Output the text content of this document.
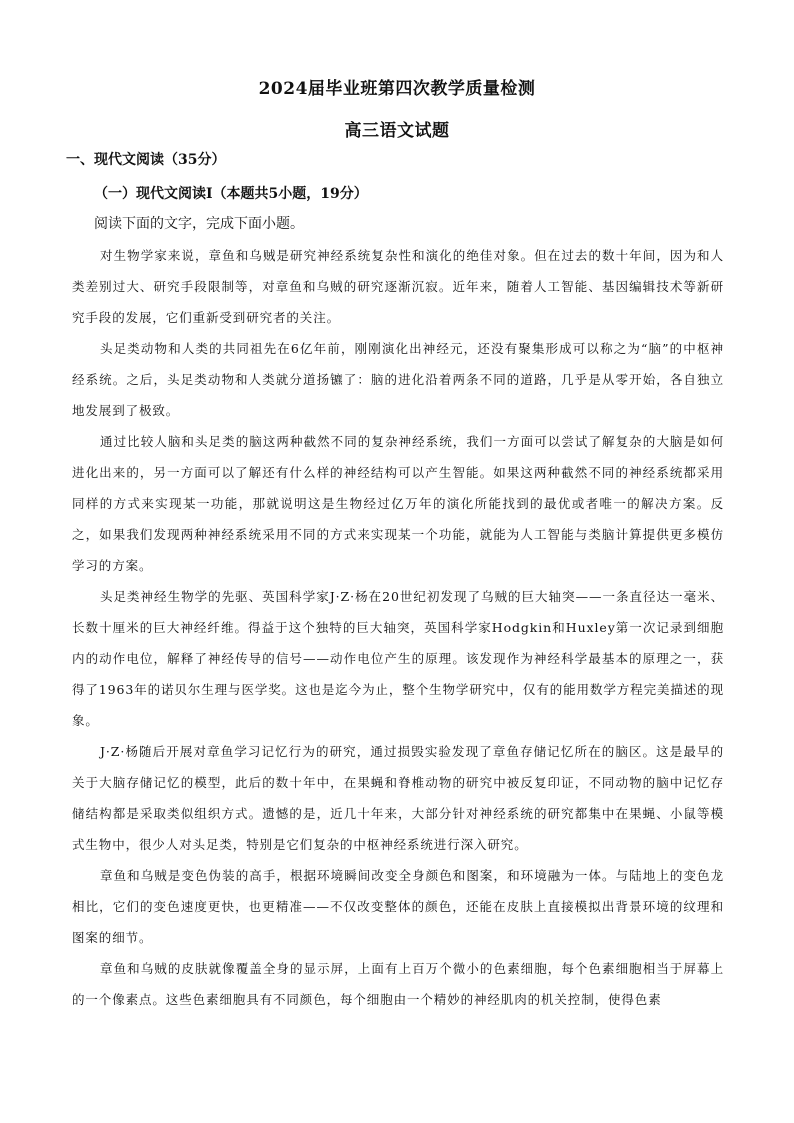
2024届毕业班第四次教学质量检测
高三语文试题
一、现代文阅读（35分）
（一）现代文阅读Ⅰ（本题共5小题，19分）
阅读下面的文字，完成下面小题。

对生物学家来说，章鱼和乌贼是研究神经系统复杂性和演化的绝佳对象。但在过去的数十年间，因为和人类差别过大、研究手段限制等，对章鱼和乌贼的研究逐渐沉寂。近年来，随着人工智能、基因编辑技术等新研究手段的发展，它们重新受到研究者的关注。

头足类动物和人类的共同祖先在6亿年前，刚刚演化出神经元，还没有聚集形成可以称之为“脑”的中枢神经系统。之后，头足类动物和人类就分道扬镳了：脑的进化沿着两条不同的道路，几乎是从零开始，各自独立地发展到了极致。

通过比较人脑和头足类的脑这两种截然不同的复杂神经系统，我们一方面可以尝试了解复杂的大脑是如何进化出来的，另一方面可以了解还有什么样的神经结构可以产生智能。如果这两种截然不同的神经系统都采用同样的方式来实现某一功能，那就说明这是生物经过亿万年的演化所能找到的最优或者唯一的解决方案。反之，如果我们发现两种神经系统采用不同的方式来实现某一个功能，就能为人工智能与类脑计算提供更多模仿学习的方案。

头足类神经生物学的先驱、英国科学家J·Z·杨在20世纪初发现了乌贼的巨大轴突——一条直径达一毫米、长数十厘米的巨大神经纤维。得益于这个独特的巨大轴突，英国科学家Hodgkin和Huxley第一次记录到细胞内的动作电位，解释了神经传导的信号——动作电位产生的原理。该发现作为神经科学最基本的原理之一，获得了1963年的诺贝尔生理与医学奖。这也是迄今为止，整个生物学研究中，仅有的能用数学方程完美描述的现象。

J·Z·杨随后开展对章鱼学习记忆行为的研究，通过损毁实验发现了章鱼存储记忆所在的脑区。这是最早的关于大脑存储记忆的模型，此后的数十年中，在果蝇和脊椎动物的研究中被反复印证，不同动物的脑中记忆存储结构都是采取类似组织方式。遗憾的是，近几十年来，大部分针对神经系统的研究都集中在果蝇、小鼠等模式生物中，很少人对头足类，特别是它们复杂的中枢神经系统进行深入研究。

章鱼和乌贼是变色伪装的高手，根据环境瞬间改变全身颜色和图案，和环境融为一体。与陆地上的变色龙相比，它们的变色速度更快，也更精准——不仅改变整体的颜色，还能在皮肤上直接模拟出背景环境的纹理和图案的细节。

章鱼和乌贼的皮肤就像覆盖全身的显示屏，上面有上百万个微小的色素细胞，每个色素细胞相当于屏幕上的一个像素点。这些色素细胞具有不同颜色，每个细胞由一个精妙的神经肌肉的机关控制，使得色素
